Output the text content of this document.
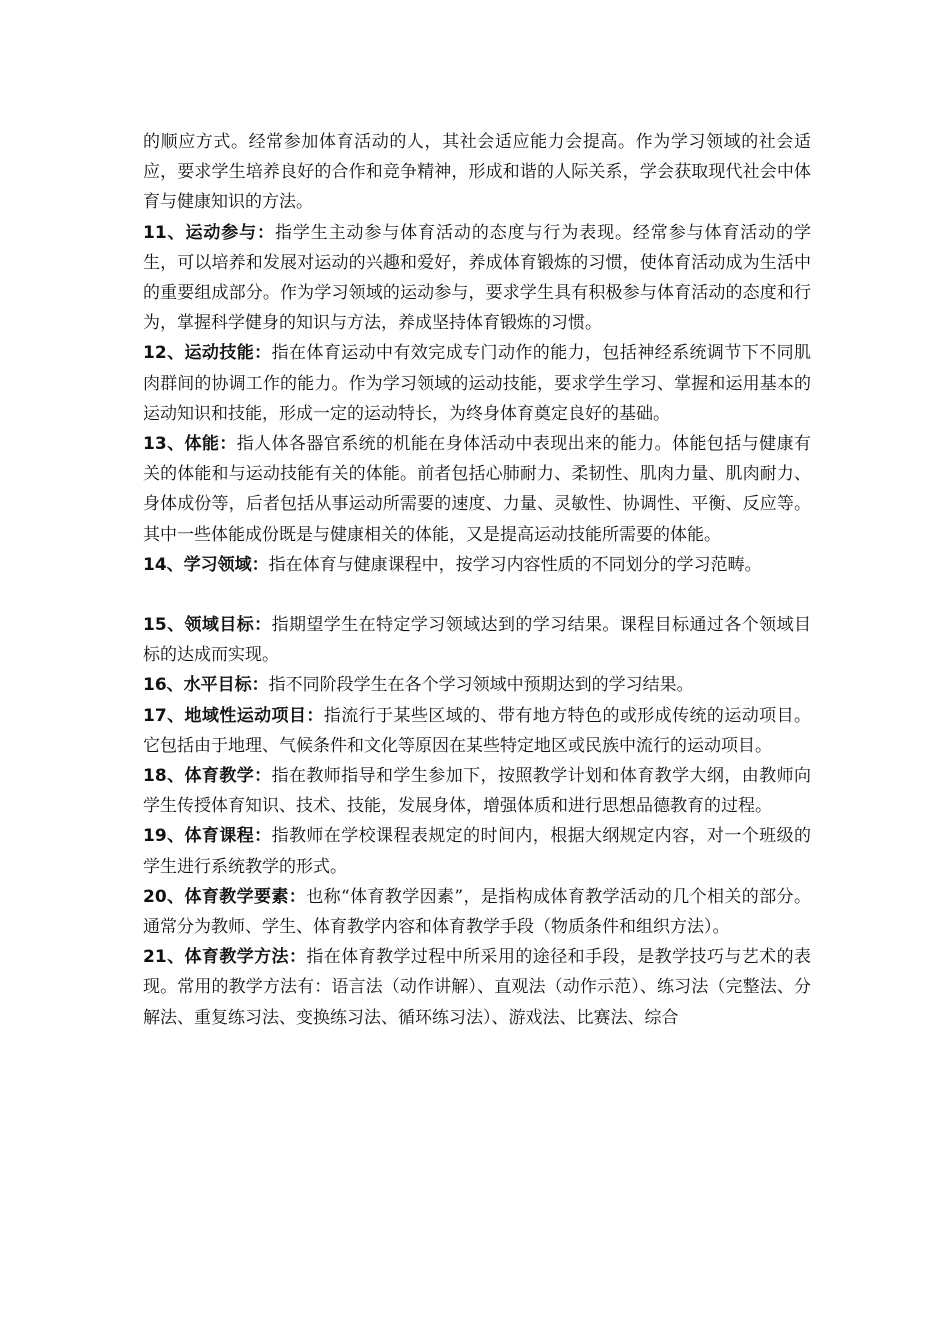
的顺应方式。经常参加体育活动的人，其社会适应能力会提高。作为学习领域的社会适应，要求学生培养良好的合作和竞争精神，形成和谐的人际关系，学会获取现代社会中体育与健康知识的方法。

11、运动参与：指学生主动参与体育活动的态度与行为表现。经常参与体育活动的学生，可以培养和发展对运动的兴趣和爱好，养成体育锻炼的习惯，使体育活动成为生活中的重要组成部分。作为学习领域的运动参与，要求学生具有积极参与体育活动的态度和行为，掌握科学健身的知识与方法，养成坚持体育锻炼的习惯。

12、运动技能：指在体育运动中有效完成专门动作的能力，包括神经系统调节下不同肌肉群间的协调工作的能力。作为学习领域的运动技能，要求学生学习、掌握和运用基本的运动知识和技能，形成一定的运动特长，为终身体育奠定良好的基础。

13、体能：指人体各器官系统的机能在身体活动中表现出来的能力。体能包括与健康有关的体能和与运动技能有关的体能。前者包括心肺耐力、柔韧性、肌肉力量、肌肉耐力、身体成份等，后者包括从事运动所需要的速度、力量、灵敏性、协调性、平衡、反应等。其中一些体能成份既是与健康相关的体能，又是提高运动技能所需要的体能。

14、学习领域：指在体育与健康课程中，按学习内容性质的不同划分的学习范畴。

15、领域目标：指期望学生在特定学习领域达到的学习结果。课程目标通过各个领域目标的达成而实现。

16、水平目标：指不同阶段学生在各个学习领域中预期达到的学习结果。

17、地域性运动项目：指流行于某些区域的、带有地方特色的或形成传统的运动项目。它包括由于地理、气候条件和文化等原因在某些特定地区或民族中流行的运动项目。

18、体育教学：指在教师指导和学生参加下，按照教学计划和体育教学大纲，由教师向学生传授体育知识、技术、技能，发展身体，增强体质和进行思想品德教育的过程。

19、体育课程：指教师在学校课程表规定的时间内，根据大纲规定内容，对一个班级的学生进行系统教学的形式。

20、体育教学要素：也称“体育教学因素”，是指构成体育教学活动的几个相关的部分。通常分为教师、学生、体育教学内容和体育教学手段（物质条件和组织方法）。

21、体育教学方法：指在体育教学过程中所采用的途径和手段，是教学技巧与艺术的表现。常用的教学方法有：语言法（动作讲解）、直观法（动作示范）、练习法（完整法、分解法、重复练习法、变换练习法、循环练习法）、游戏法、比赛法、综合
